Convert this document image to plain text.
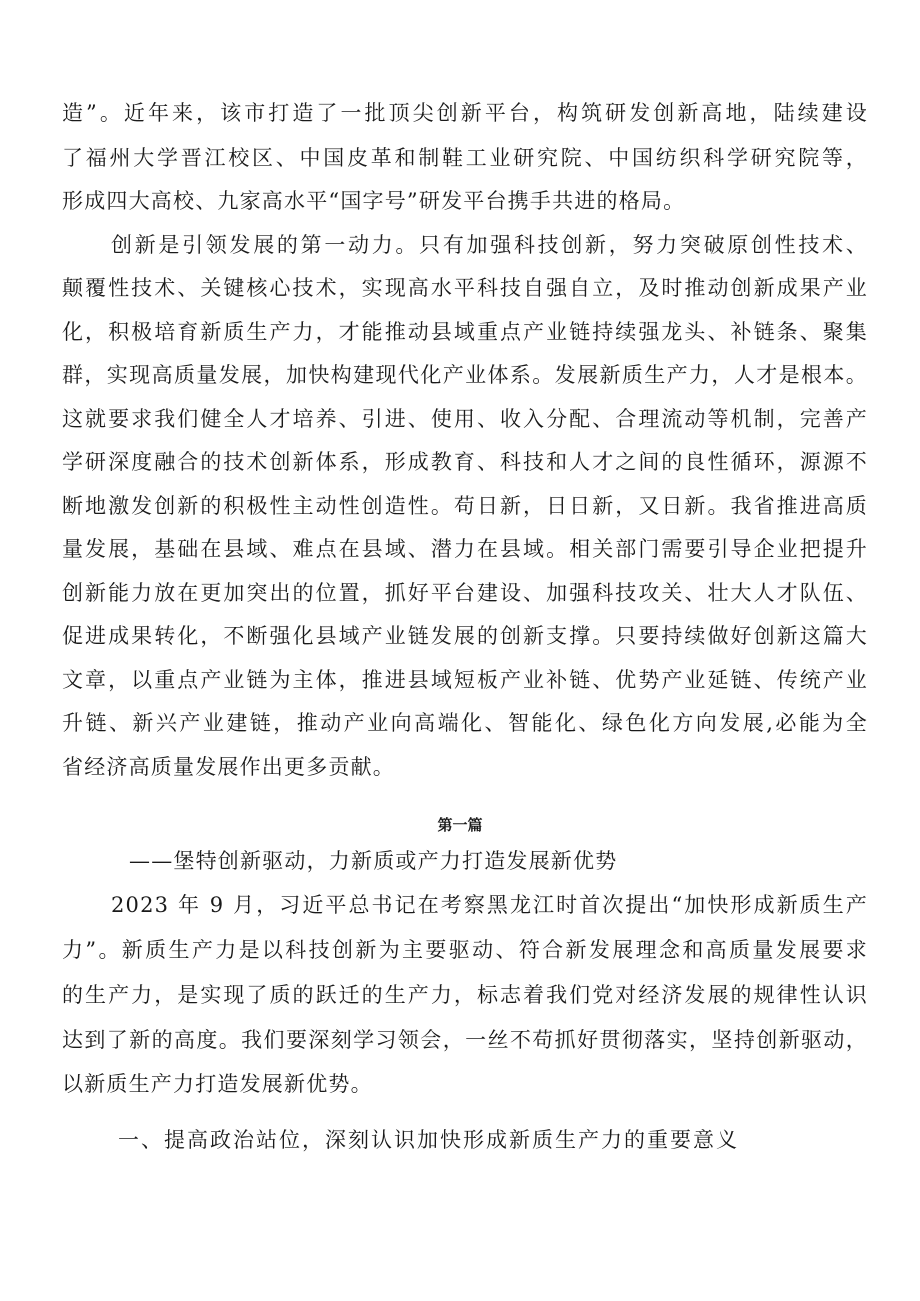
造”。近年来，该市打造了一批顶尖创新平台，构筑研发创新高地，陆续建设
了福州大学晋江校区、中国皮革和制鞋工业研究院、中国纺织科学研究院等，
形成四大高校、九家高水平“国字号”研发平台携手共进的格局。
创新是引领发展的第一动力。只有加强科技创新，努力突破原创性技术、
颠覆性技术、关键核心技术，实现高水平科技自强自立，及时推动创新成果产业
化，积极培育新质生产力，才能推动县域重点产业链持续强龙头、补链条、聚集
群，实现高质量发展，加快构建现代化产业体系。发展新质生产力，人才是根本。
这就要求我们健全人才培养、引进、使用、收入分配、合理流动等机制，完善产
学研深度融合的技术创新体系，形成教育、科技和人才之间的良性循环，源源不
断地激发创新的积极性主动性创造性。苟日新，日日新，又日新。我省推进高质
量发展，基础在县域、难点在县域、潜力在县域。相关部门需要引导企业把提升
创新能力放在更加突出的位置，抓好平台建设、加强科技攻关、壮大人才队伍、
促进成果转化，不断强化县域产业链发展的创新支撑。只要持续做好创新这篇大
文章，以重点产业链为主体，推进县域短板产业补链、优势产业延链、传统产业
升链、新兴产业建链，推动产业向高端化、智能化、绿色化方向发展,必能为全
省经济高质量发展作出更多贡献。
第一篇
——堡特创新驱动，力新质或产力打造发展新优势
2023 年 9 月，习近平总书记在考察黑龙江时首次提出“加快形成新质生产
力”。新质生产力是以科技创新为主要驱动、符合新发展理念和高质量发展要求
的生产力，是实现了质的跃迁的生产力，标志着我们党对经济发展的规律性认识
达到了新的高度。我们要深刻学习领会，一丝不苟抓好贯彻落实，坚持创新驱动，
以新质生产力打造发展新优势。
一、提高政治站位，深刻认识加快形成新质生产力的重要意义
